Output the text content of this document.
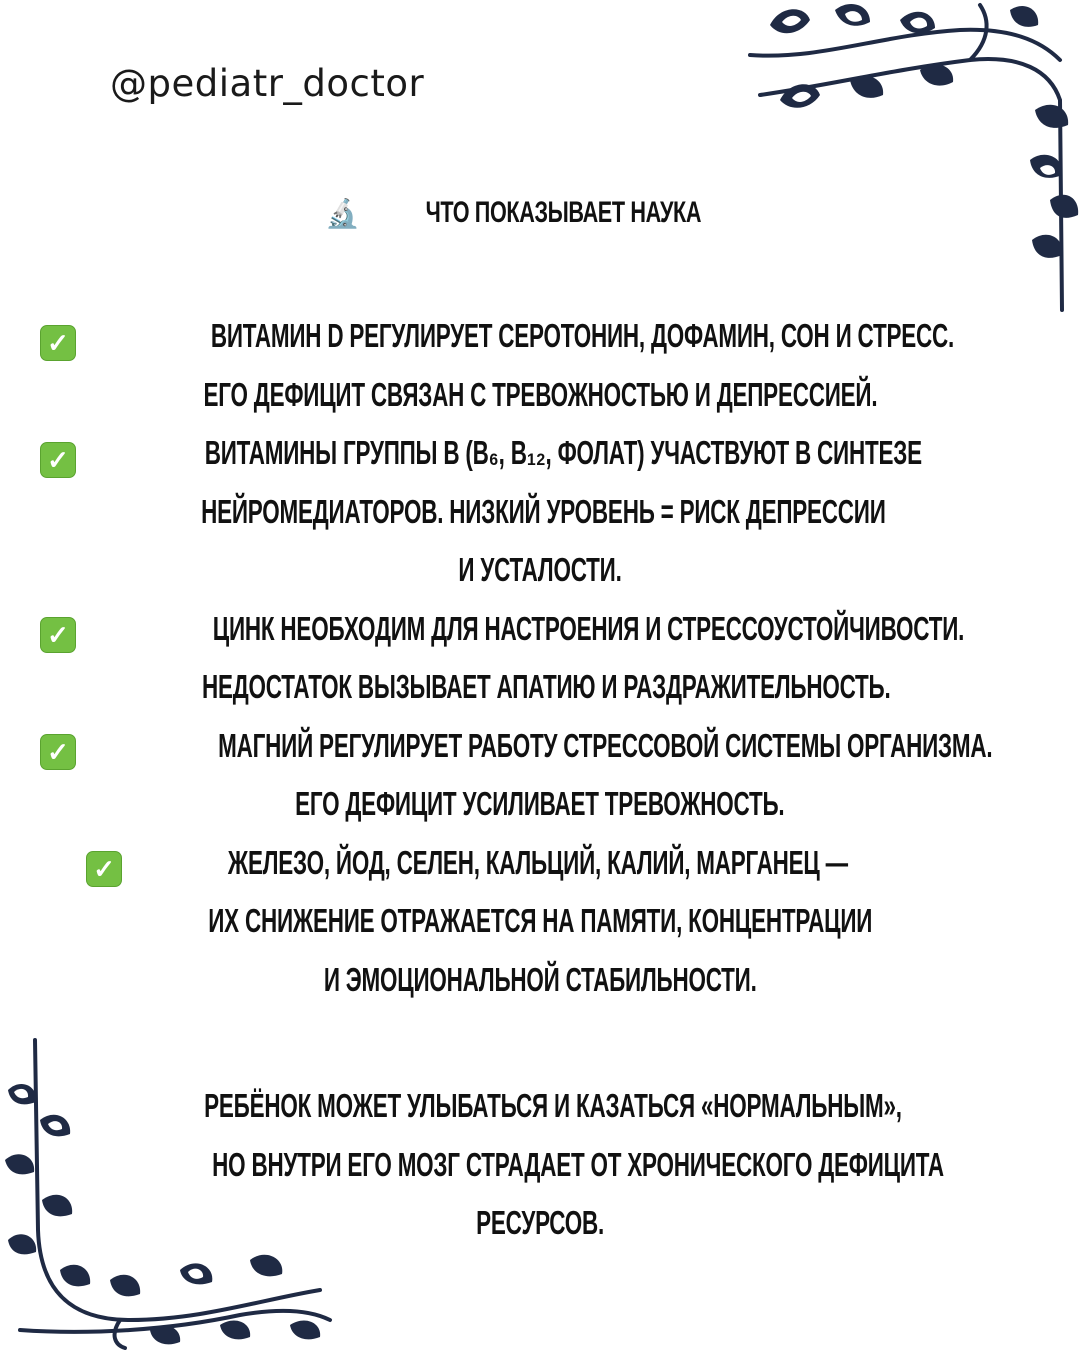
@pediatr_doctor
🔬 ЧТО ПОКАЗЫВАЕТ НАУКА
✓	ВИТАМИН D РЕГУЛИРУЕТ СЕРОТОНИН, ДОФАМИН, СОН И СТРЕСС.
ЕГО ДЕФИЦИТ СВЯЗАН С ТРЕВОЖНОСТЬЮ И ДЕПРЕССИЕЙ.
✓	ВИТАМИНЫ ГРУППЫ B (B₆, B₁₂, ФОЛАТ) УЧАСТВУЮТ В СИНТЕЗЕ
НЕЙРОМЕДИАТОРОВ. НИЗКИЙ УРОВЕНЬ = РИСК ДЕПРЕССИИ
И УСТАЛОСТИ.
✓	ЦИНК НЕОБХОДИМ ДЛЯ НАСТРОЕНИЯ И СТРЕССОУСТОЙЧИВОСТИ.
НЕДОСТАТОК ВЫЗЫВАЕТ АПАТИЮ И РАЗДРАЖИТЕЛЬНОСТЬ.
✓	МАГНИЙ РЕГУЛИРУЕТ РАБОТУ СТРЕССОВОЙ СИСТЕМЫ ОРГАНИЗМА.
ЕГО ДЕФИЦИТ УСИЛИВАЕТ ТРЕВОЖНОСТЬ.
✓	ЖЕЛЕЗО, ЙОД, СЕЛЕН, КАЛЬЦИЙ, КАЛИЙ, МАРГАНЕЦ —
ИХ СНИЖЕНИЕ ОТРАЖАЕТСЯ НА ПАМЯТИ, КОНЦЕНТРАЦИИ
И ЭМОЦИОНАЛЬНОЙ СТАБИЛЬНОСТИ.
РЕБЁНОК МОЖЕТ УЛЫБАТЬСЯ И КАЗАТЬСЯ «НОРМАЛЬНЫМ»,
НО ВНУТРИ ЕГО МОЗГ СТРАДАЕТ ОТ ХРОНИЧЕСКОГО ДЕФИЦИТА
РЕСУРСОВ.
